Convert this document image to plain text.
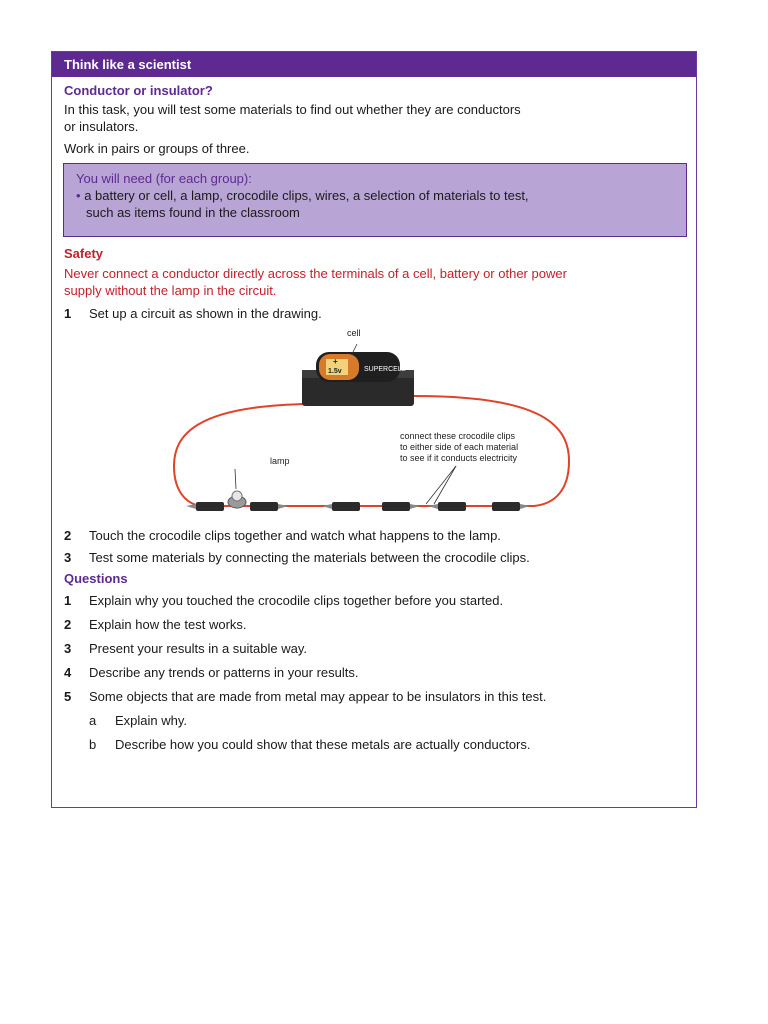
Think like a scientist
Conductor or insulator?

In this task, you will test some materials to find out whether they are conductors

or insulators.

Work in pairs or groups of three.

You will need (for each group):
• a battery or cell, a lamp, crocodile clips, wires, a selection of materials to test,
such as items found in the classroom
Safety
Never connect a conductor directly across the terminals of a cell, battery or other power
supply without the lamp in the circuit.
1	Set up a circuit as shown in the drawing.
SUPERCELL
1.5v
+
cell
lamp
connect these crocodile clips
to either side of each material
to see if it conducts electricity
2	Touch the crocodile clips together and watch what happens to the lamp.
3	Test some materials by connecting the materials between the crocodile clips.
Questions
1	Explain why you touched the crocodile clips together before you started.
2	Explain how the test works.
3	Present your results in a suitable way.
4	Describe any trends or patterns in your results.
5	Some objects that are made from metal may appear to be insulators in this test.
a	Explain why.
b	Describe how you could show that these metals are actually conductors.
